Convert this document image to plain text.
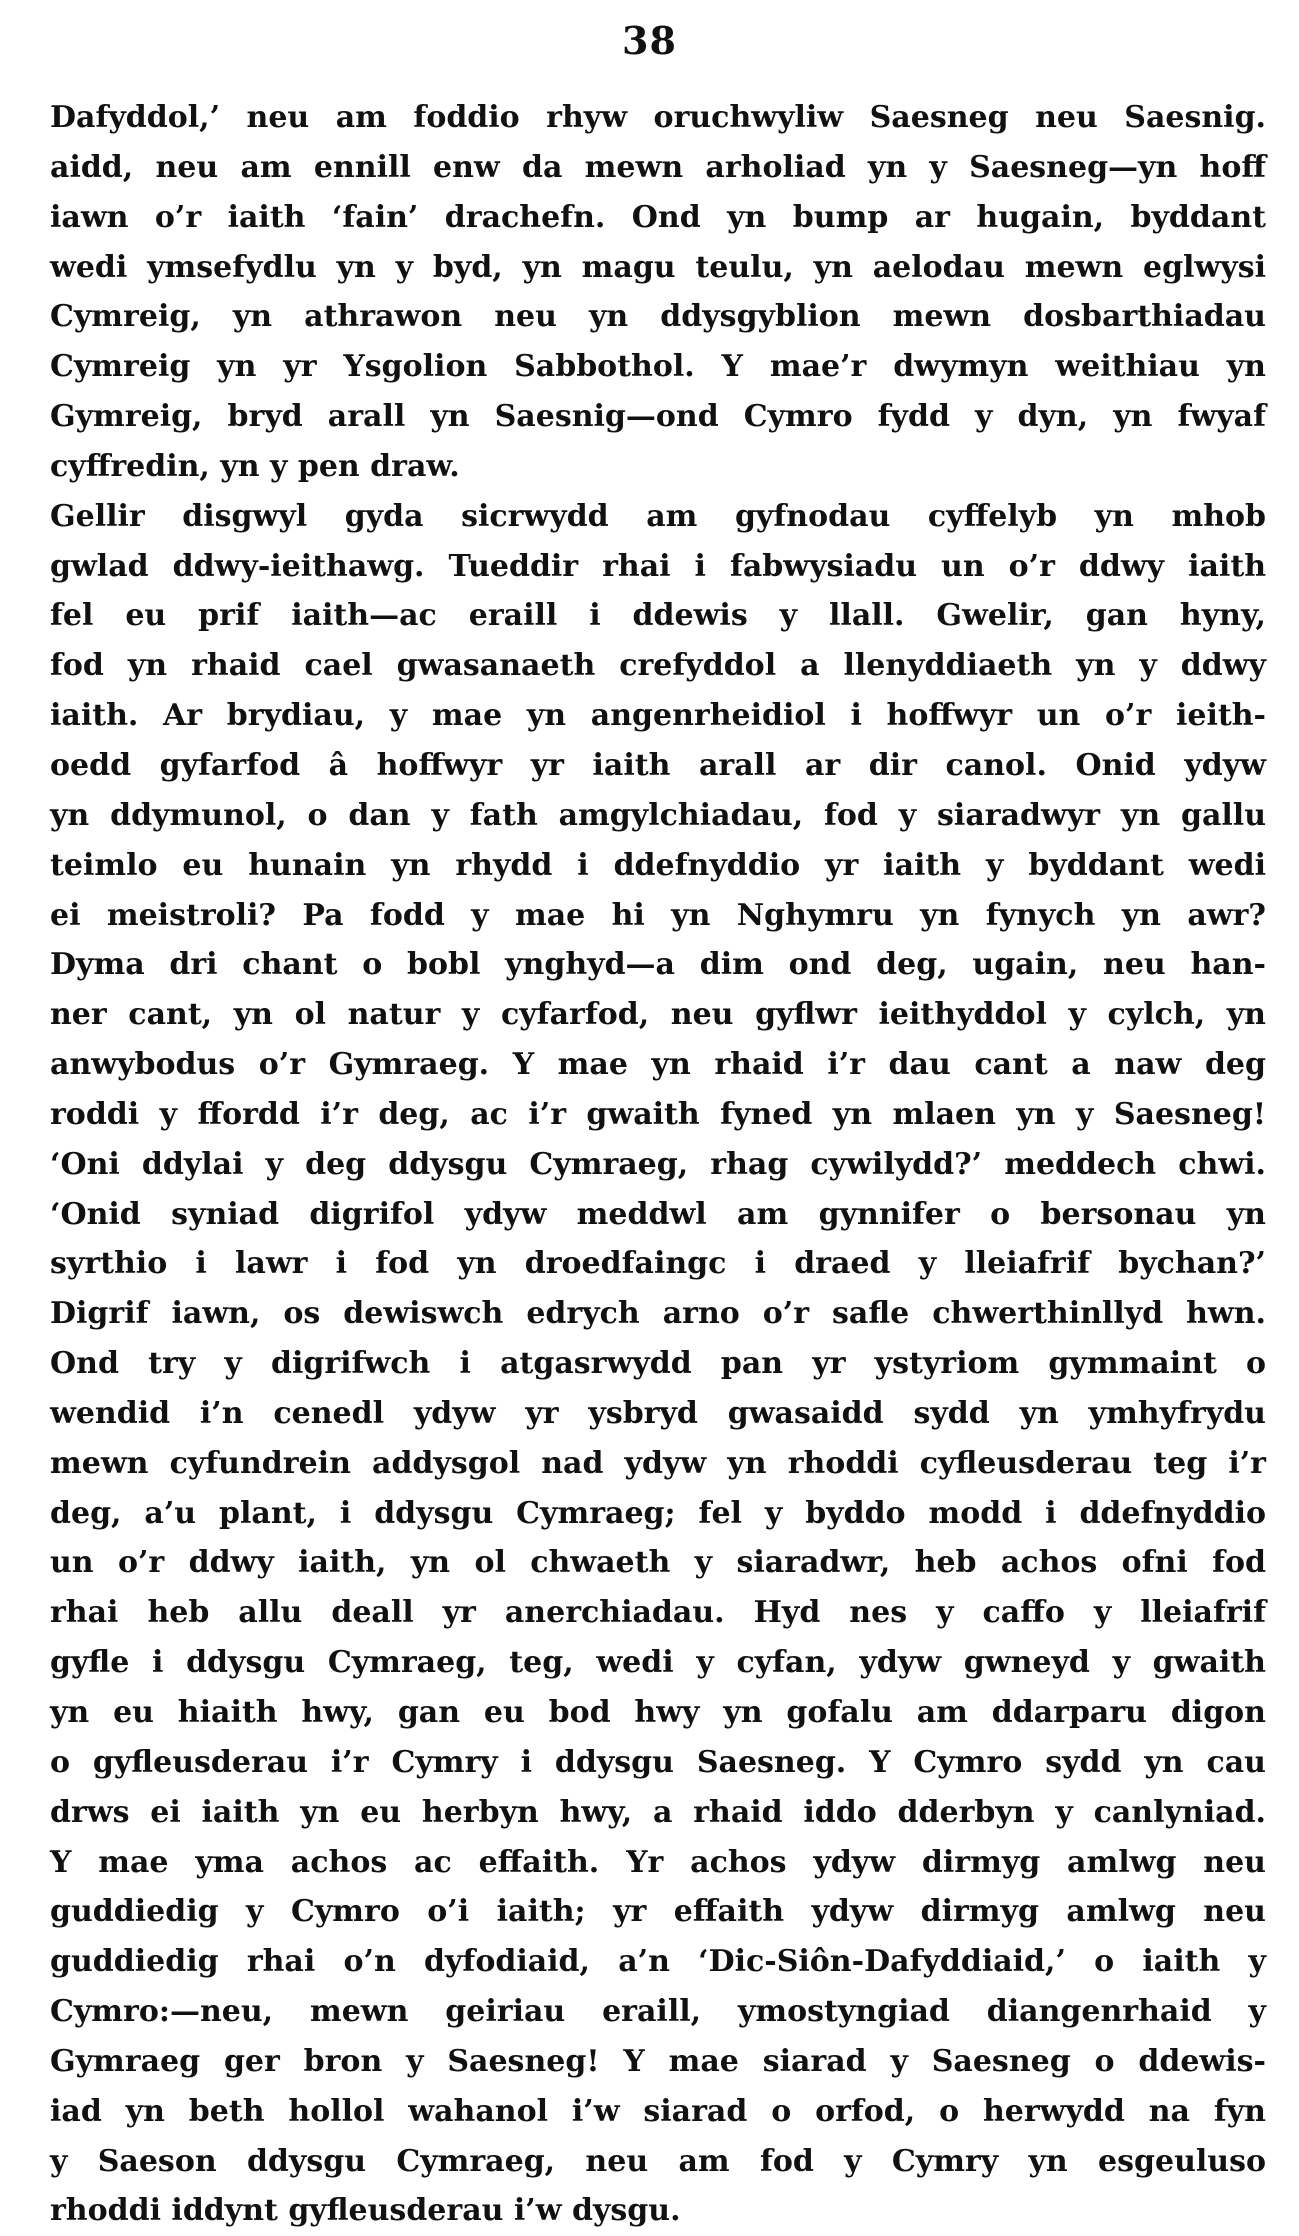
38
Dafyddol,’ neu am foddio rhyw oruchwyliw Saesneg neu Saesnig.
aidd, neu am ennill enw da mewn arholiad yn y Saesneg—yn hoff
iawn o’r iaith ‘fain’ drachefn. Ond yn bump ar hugain, byddant
wedi ymsefydlu yn y byd, yn magu teulu, yn aelodau mewn eglwysi
Cymreig, yn athrawon neu yn ddysgyblion mewn dosbarthiadau
Cymreig yn yr Ysgolion Sabbothol. Y mae’r dwymyn weithiau yn
Gymreig, bryd arall yn Saesnig—ond Cymro fydd y dyn, yn fwyaf
cyffredin, yn y pen draw.
Gellir disgwyl gyda sicrwydd am gyfnodau cyffelyb yn mhob
gwlad ddwy-ieithawg. Tueddir rhai i fabwysiadu un o’r ddwy iaith
fel eu prif iaith—ac eraill i ddewis y llall. Gwelir, gan hyny,
fod yn rhaid cael gwasanaeth crefyddol a llenyddiaeth yn y ddwy
iaith. Ar brydiau, y mae yn angenrheidiol i hoffwyr un o’r ieith-
oedd gyfarfod â hoffwyr yr iaith arall ar dir canol. Onid ydyw
yn ddymunol, o dan y fath amgylchiadau, fod y siaradwyr yn gallu
teimlo eu hunain yn rhydd i ddefnyddio yr iaith y byddant wedi
ei meistroli? Pa fodd y mae hi yn Nghymru yn fynych yn awr?
Dyma dri chant o bobl ynghyd—a dim ond deg, ugain, neu han-
ner cant, yn ol natur y cyfarfod, neu gyflwr ieithyddol y cylch, yn
anwybodus o’r Gymraeg. Y mae yn rhaid i’r dau cant a naw deg
roddi y ffordd i’r deg, ac i’r gwaith fyned yn mlaen yn y Saesneg!
‘Oni ddylai y deg ddysgu Cymraeg, rhag cywilydd?’ meddech chwi.
‘Onid syniad digrifol ydyw meddwl am gynnifer o bersonau yn
syrthio i lawr i fod yn droedfaingc i draed y lleiafrif bychan?’
Digrif iawn, os dewiswch edrych arno o’r safle chwerthinllyd hwn.
Ond try y digrifwch i atgasrwydd pan yr ystyriom gymmaint o
wendid i’n cenedl ydyw yr ysbryd gwasaidd sydd yn ymhyfrydu
mewn cyfundrein addysgol nad ydyw yn rhoddi cyfleusderau teg i’r
deg, a’u plant, i ddysgu Cymraeg; fel y byddo modd i ddefnyddio
un o’r ddwy iaith, yn ol chwaeth y siaradwr, heb achos ofni fod
rhai heb allu deall yr anerchiadau. Hyd nes y caffo y lleiafrif
gyfle i ddysgu Cymraeg, teg, wedi y cyfan, ydyw gwneyd y gwaith
yn eu hiaith hwy, gan eu bod hwy yn gofalu am ddarparu digon
o gyfleusderau i’r Cymry i ddysgu Saesneg. Y Cymro sydd yn cau
drws ei iaith yn eu herbyn hwy, a rhaid iddo dderbyn y canlyniad.
Y mae yma achos ac effaith. Yr achos ydyw dirmyg amlwg neu
guddiedig y Cymro o’i iaith; yr effaith ydyw dirmyg amlwg neu
guddiedig rhai o’n dyfodiaid, a’n ‘Dic-Siôn-Dafyddiaid,’ o iaith y
Cymro:—neu, mewn geiriau eraill, ymostyngiad diangenrhaid y
Gymraeg ger bron y Saesneg! Y mae siarad y Saesneg o ddewis-
iad yn beth hollol wahanol i’w siarad o orfod, o herwydd na fyn
y Saeson ddysgu Cymraeg, neu am fod y Cymry yn esgeuluso
rhoddi iddynt gyfleusderau i’w dysgu.
